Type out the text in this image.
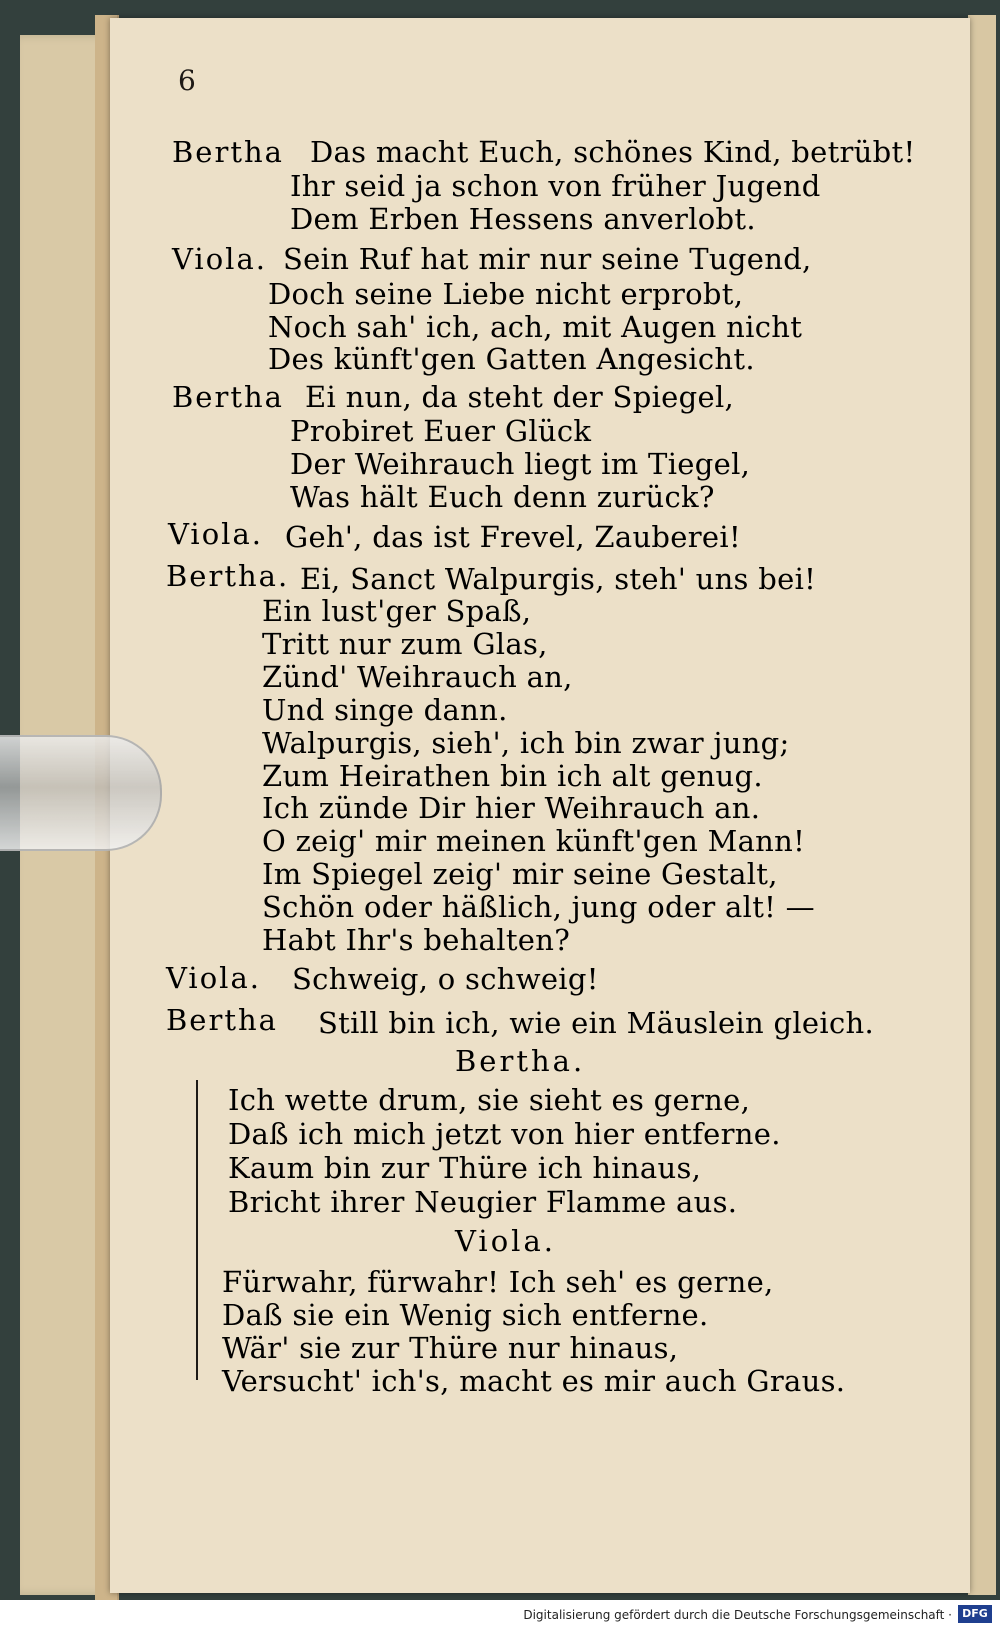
6
Bertha Das macht Euch, schönes Kind, betrübt!
Ihr seid ja schon von früher Jugend
Dem Erben Hessens anverlobt.
Viola. Sein Ruf hat mir nur seine Tugend,
Doch seine Liebe nicht erprobt,
Noch sah' ich, ach, mit Augen nicht
Des künft'gen Gatten Angesicht.
Bertha Ei nun, da steht der Spiegel,
Probiret Euer Glück
Der Weihrauch liegt im Tiegel,
Was hält Euch denn zurück?
Viola. Geh', das ist Frevel, Zauberei!
Bertha. Ei, Sanct Walpurgis, steh' uns bei!
Ein lust'ger Spaß,
Tritt nur zum Glas,
Zünd' Weihrauch an,
Und singe dann.
Walpurgis, sieh', ich bin zwar jung;
Zum Heirathen bin ich alt genug.
Ich zünde Dir hier Weihrauch an.
O zeig' mir meinen künft'gen Mann!
Im Spiegel zeig' mir seine Gestalt,
Schön oder häßlich, jung oder alt! —
Habt Ihr's behalten?
Viola. Schweig, o schweig!
Bertha Still bin ich, wie ein Mäuslein gleich.
Bertha.
Ich wette drum, sie sieht es gerne,
Daß ich mich jetzt von hier entferne.
Kaum bin zur Thüre ich hinaus,
Bricht ihrer Neugier Flamme aus.
Viola.
Fürwahr, fürwahr! Ich seh' es gerne,
Daß sie ein Wenig sich entferne.
Wär' sie zur Thüre nur hinaus,
Versucht' ich's, macht es mir auch Graus.
Digitalisierung gefördert durch die Deutsche Forschungsgemeinschaft · DFG
